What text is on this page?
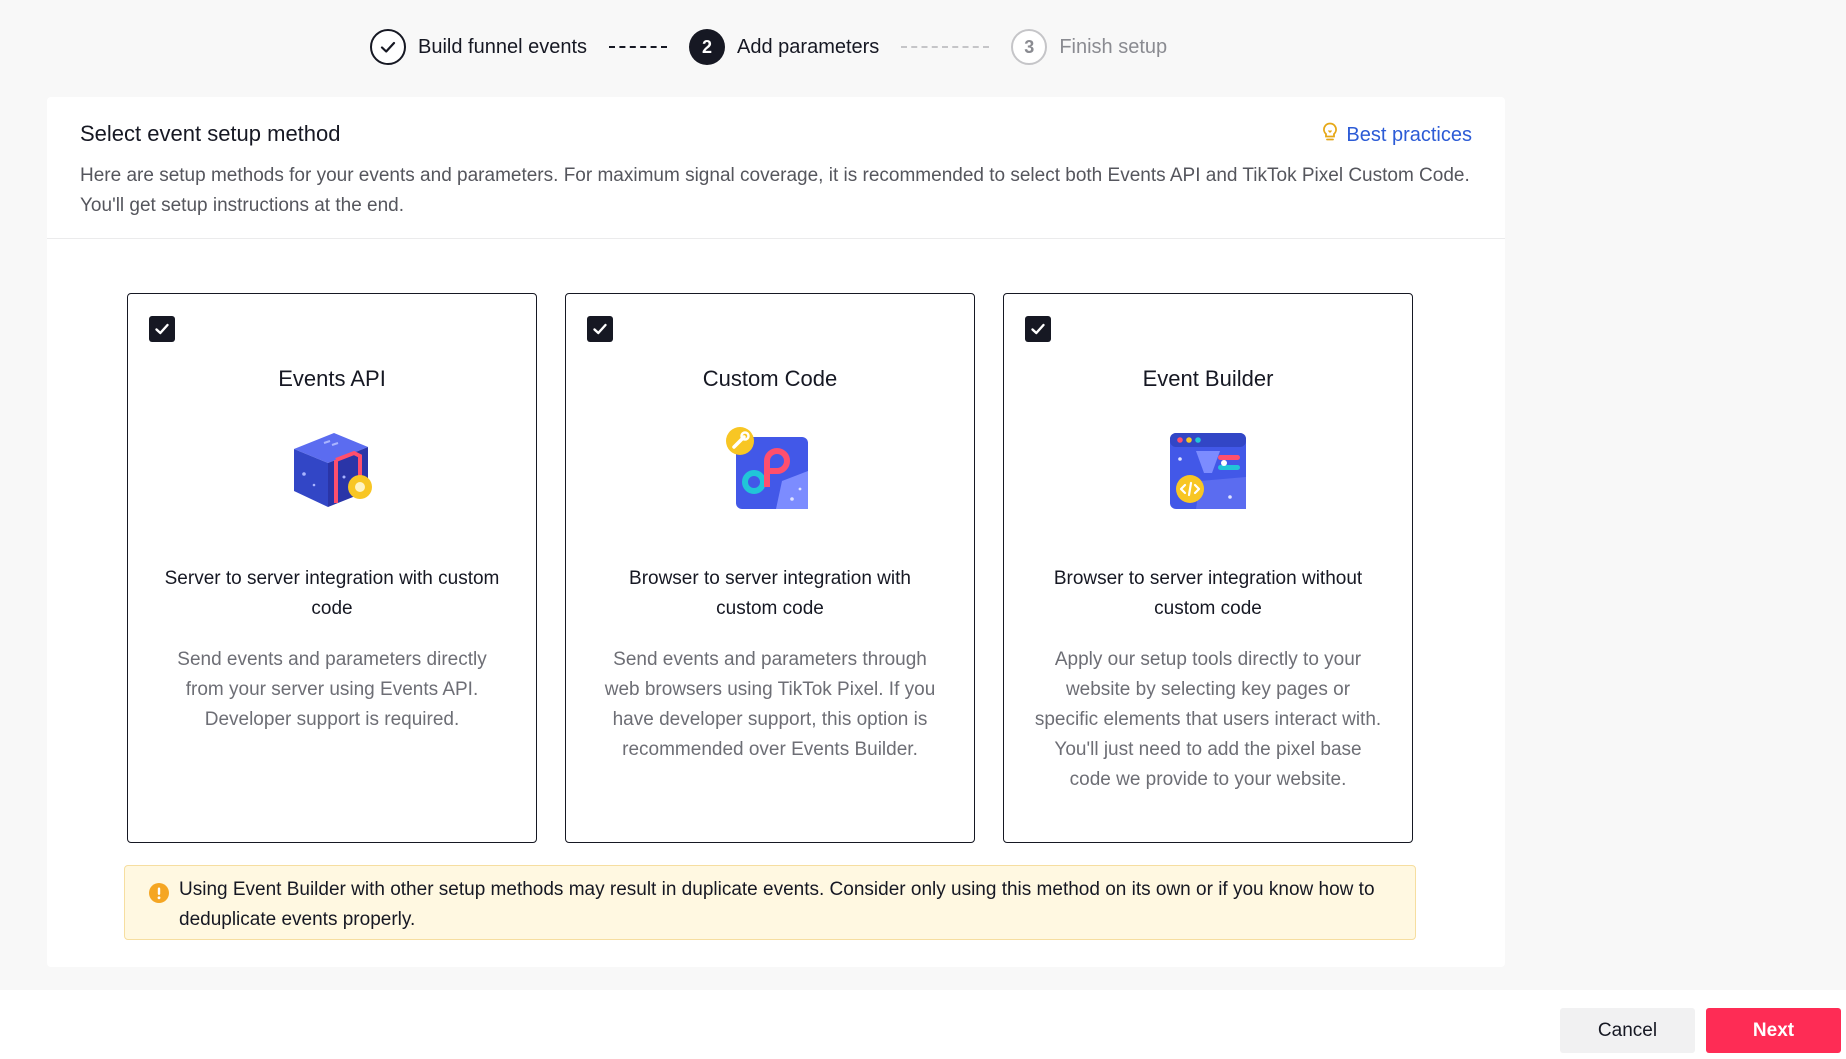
Build funnel events	2	Add parameters	3	Finish setup
Select event setup method	Best practices

Here are setup methods for your events and parameters. For maximum signal coverage, it is recommended to select both Events API and TikTok Pixel Custom Code. You'll get setup instructions at the end.

Events API
Server to server integration with custom code
Send events and parameters directly from your server using Events API. Developer support is required.
Custom Code
Browser to server integration with custom code
Send events and parameters through web browsers using TikTok Pixel. If you have developer support, this option is recommended over Events Builder.
Event Builder
Browser to server integration without custom code
Apply our setup tools directly to your website by selecting key pages or specific elements that users interact with. You'll just need to add the pixel base code we provide to your website.
Using Event Builder with other setup methods may result in duplicate events. Consider only using this method on its own or if you know how to deduplicate events properly.
Cancel	Next
